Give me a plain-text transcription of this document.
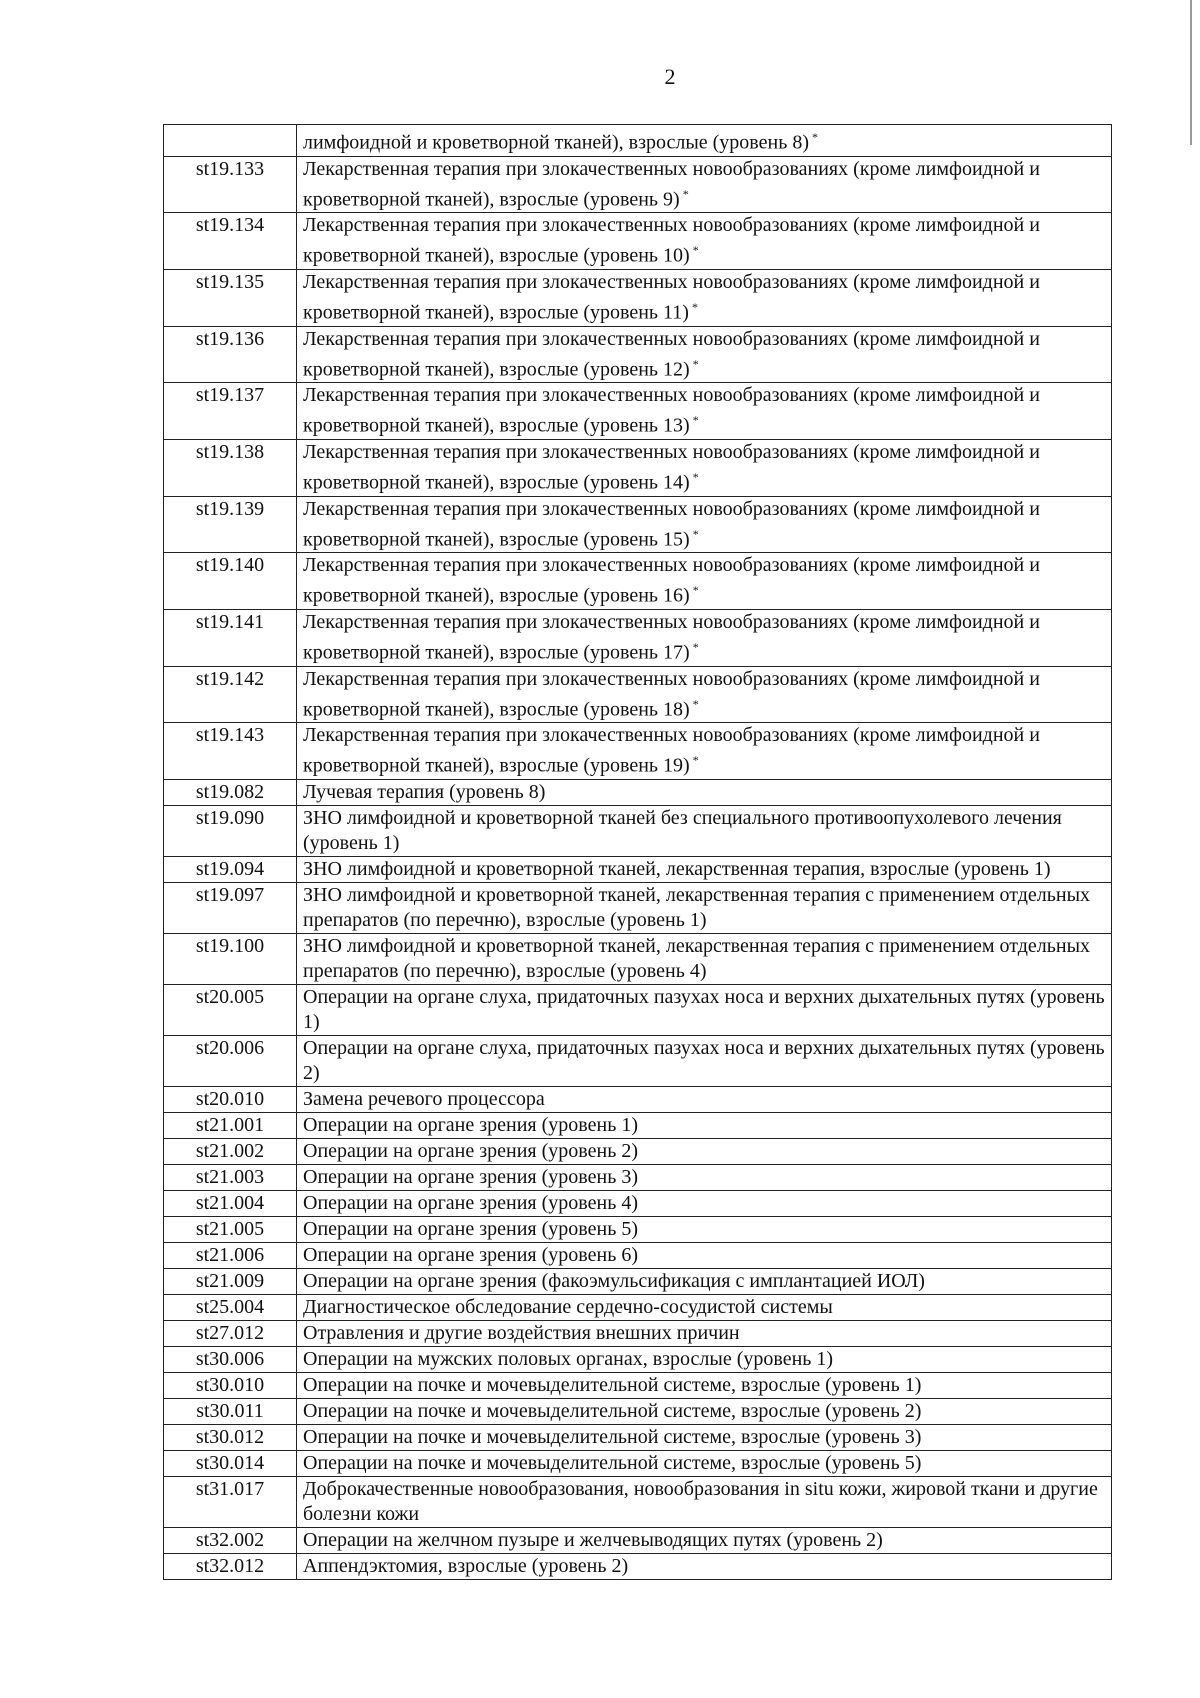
2
	лимфоидной и кроветворной тканей), взрослые (уровень 8) *
st19.133	Лекарственная терапия при злокачественных новообразованиях (кроме лимфоидной и кроветворной тканей), взрослые (уровень 9) *
st19.134	Лекарственная терапия при злокачественных новообразованиях (кроме лимфоидной и кроветворной тканей), взрослые (уровень 10) *
st19.135	Лекарственная терапия при злокачественных новообразованиях (кроме лимфоидной и кроветворной тканей), взрослые (уровень 11) *
st19.136	Лекарственная терапия при злокачественных новообразованиях (кроме лимфоидной и кроветворной тканей), взрослые (уровень 12) *
st19.137	Лекарственная терапия при злокачественных новообразованиях (кроме лимфоидной и кроветворной тканей), взрослые (уровень 13) *
st19.138	Лекарственная терапия при злокачественных новообразованиях (кроме лимфоидной и кроветворной тканей), взрослые (уровень 14) *
st19.139	Лекарственная терапия при злокачественных новообразованиях (кроме лимфоидной и кроветворной тканей), взрослые (уровень 15) *
st19.140	Лекарственная терапия при злокачественных новообразованиях (кроме лимфоидной и кроветворной тканей), взрослые (уровень 16) *
st19.141	Лекарственная терапия при злокачественных новообразованиях (кроме лимфоидной и кроветворной тканей), взрослые (уровень 17) *
st19.142	Лекарственная терапия при злокачественных новообразованиях (кроме лимфоидной и кроветворной тканей), взрослые (уровень 18) *
st19.143	Лекарственная терапия при злокачественных новообразованиях (кроме лимфоидной и кроветворной тканей), взрослые (уровень 19) *
st19.082	Лучевая терапия (уровень 8)
st19.090	ЗНО лимфоидной и кроветворной тканей без специального противоопухолевого лечения (уровень 1)
st19.094	ЗНО лимфоидной и кроветворной тканей, лекарственная терапия, взрослые (уровень 1)
st19.097	ЗНО лимфоидной и кроветворной тканей, лекарственная терапия с применением отдельных препаратов (по перечню), взрослые (уровень 1)
st19.100	ЗНО лимфоидной и кроветворной тканей, лекарственная терапия с применением отдельных препаратов (по перечню), взрослые (уровень 4)
st20.005	Операции на органе слуха, придаточных пазухах носа и верхних дыхательных путях (уровень 1)
st20.006	Операции на органе слуха, придаточных пазухах носа и верхних дыхательных путях (уровень 2)
st20.010	Замена речевого процессора
st21.001	Операции на органе зрения (уровень 1)
st21.002	Операции на органе зрения (уровень 2)
st21.003	Операции на органе зрения (уровень 3)
st21.004	Операции на органе зрения (уровень 4)
st21.005	Операции на органе зрения (уровень 5)
st21.006	Операции на органе зрения (уровень 6)
st21.009	Операции на органе зрения (факоэмульсификация с имплантацией ИОЛ)
st25.004	Диагностическое обследование сердечно-сосудистой системы
st27.012	Отравления и другие воздействия внешних причин
st30.006	Операции на мужских половых органах, взрослые (уровень 1)
st30.010	Операции на почке и мочевыделительной системе, взрослые (уровень 1)
st30.011	Операции на почке и мочевыделительной системе, взрослые (уровень 2)
st30.012	Операции на почке и мочевыделительной системе, взрослые (уровень 3)
st30.014	Операции на почке и мочевыделительной системе, взрослые (уровень 5)
st31.017	Доброкачественные новообразования, новообразования in situ кожи, жировой ткани и другие болезни кожи
st32.002	Операции на желчном пузыре и желчевыводящих путях (уровень 2)
st32.012	Аппендэктомия, взрослые (уровень 2)
